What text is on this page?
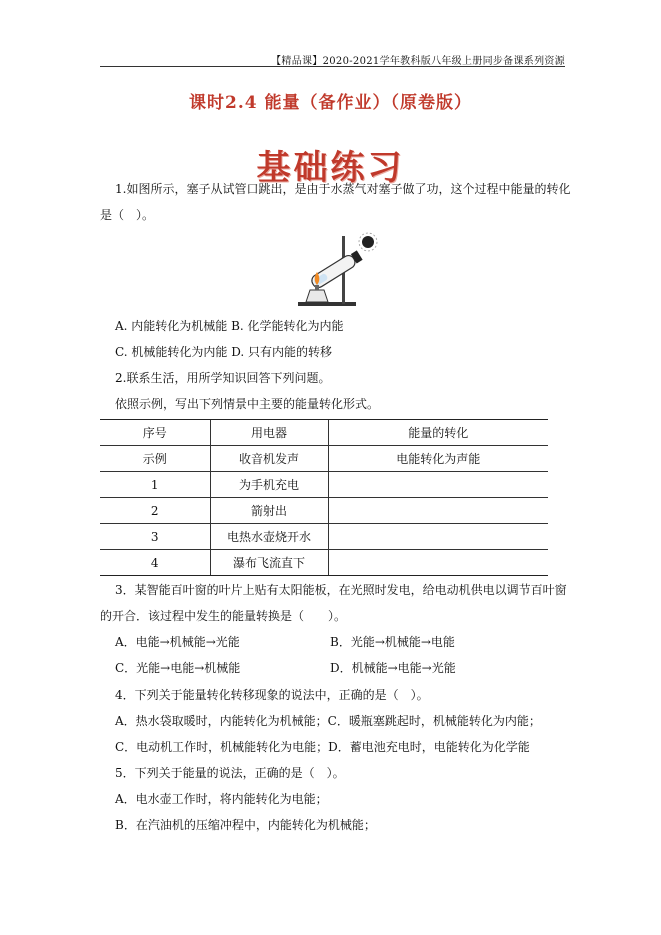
【精品课】2020-2021学年教科版八年级上册同步备课系列资源
课时2.4 能量（备作业）（原卷版）
基础练习
1.如图所示，塞子从试管口跳出，是由于水蒸气对塞子做了功，这个过程中能量的转化
是（　）。
A. 内能转化为机械能 B. 化学能转化为内能
C. 机械能转化为内能 D. 只有内能的转移
2.联系生活，用所学知识回答下列问题。
依照示例，写出下列情景中主要的能量转化形式。
序号	用电器	能量的转化
示例	收音机发声	电能转化为声能
1	为手机充电	
2	箭射出	
3	电热水壶烧开水	
4	瀑布飞流直下	
3．某智能百叶窗的叶片上贴有太阳能板，在光照时发电，给电动机供电以调节百叶窗
的开合．该过程中发生的能量转换是（　　）。
A．电能→机械能→光能	B．光能→机械能→电能
C．光能→电能→机械能	D．机械能→电能→光能
4．下列关于能量转化转移现象的说法中，正确的是（　）。
A．热水袋取暖时，内能转化为机械能；C．暖瓶塞跳起时，机械能转化为内能；
C．电动机工作时，机械能转化为电能；D．蓄电池充电时，电能转化为化学能
5．下列关于能量的说法，正确的是（　）。
A．电水壶工作时，将内能转化为电能；
B．在汽油机的压缩冲程中，内能转化为机械能；
